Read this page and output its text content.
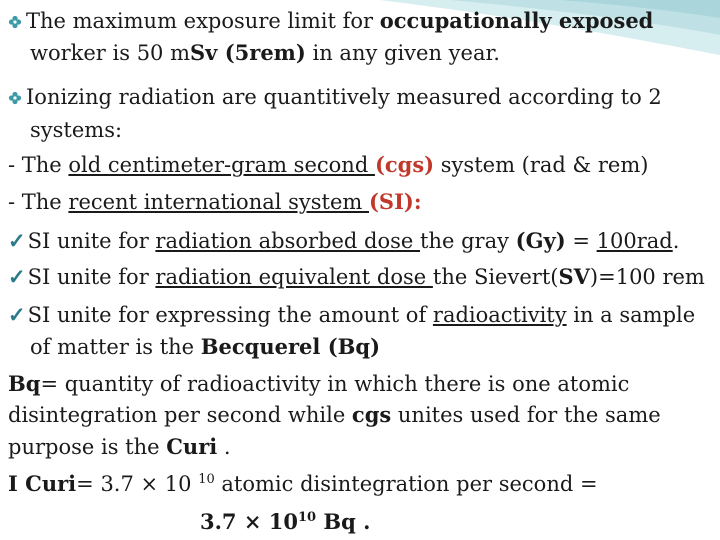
The maximum exposure limit for occupationally exposed
worker is 50 mSv (5rem) in any given year.
Ionizing radiation are quantitively measured according to 2
systems:
- The old centimeter-gram second (cgs) system (rad & rem)
- The recent international system (SI):
✓SI unite for radiation absorbed dose the gray (Gy) = 100rad.
✓SI unite for radiation equivalent dose the Sievert(SV)=100 rem
✓SI unite for expressing the amount of radioactivity in a sample
of matter is the Becquerel (Bq)
Bq= quantity of radioactivity in which there is one atomic
disintegration per second while cgs unites used for the same
purpose is the Curi .
I Curi= 3.7 × 10 $^{10}$ atomic disintegration per second =
$3.7 \times 10^{10}$ Bq .
